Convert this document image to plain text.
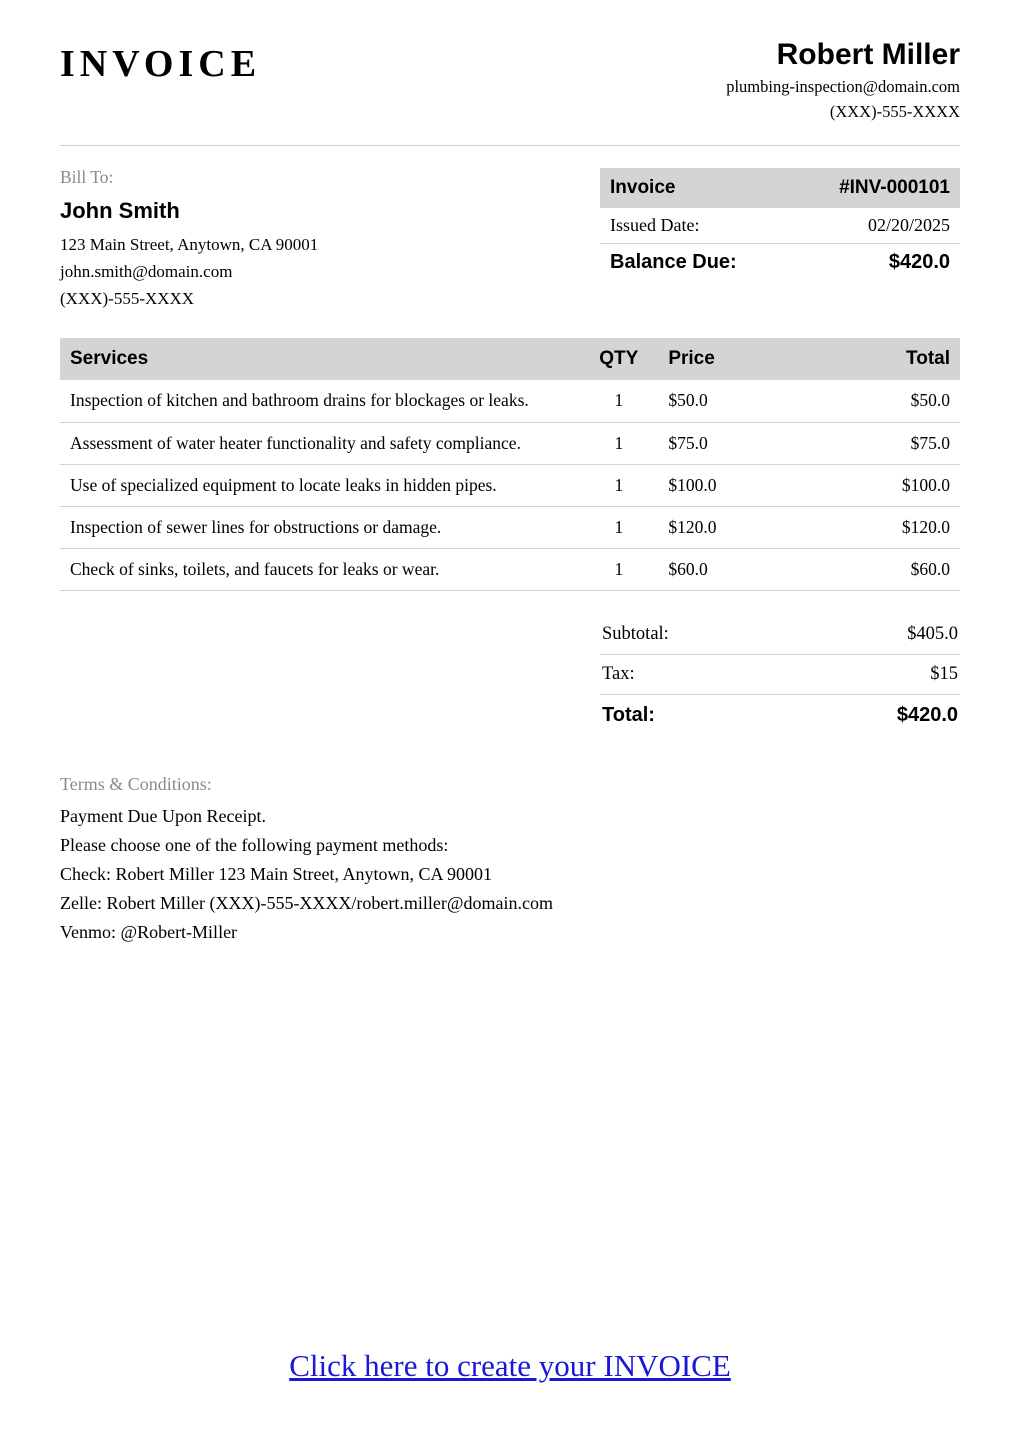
INVOICE	Robert Miller
plumbing-inspection@domain.com
(XXX)-555-XXXX
Bill To:
John Smith
123 Main Street, Anytown, CA 90001
john.smith@domain.com
(XXX)-555-XXXX
Invoice	#INV-000101
Issued Date:	02/20/2025
Balance Due:	$420.0
Services	QTY	Price	Total
Inspection of kitchen and bathroom drains for blockages or leaks.	1	$50.0	$50.0
Assessment of water heater functionality and safety compliance.	1	$75.0	$75.0
Use of specialized equipment to locate leaks in hidden pipes.	1	$100.0	$100.0
Inspection of sewer lines for obstructions or damage.	1	$120.0	$120.0
Check of sinks, toilets, and faucets for leaks or wear.	1	$60.0	$60.0
Subtotal:	$405.0
Tax:	$15
Total:	$420.0
Terms & Conditions:
Payment Due Upon Receipt.
Please choose one of the following payment methods:
Check: Robert Miller 123 Main Street, Anytown, CA 90001
Zelle: Robert Miller (XXX)-555-XXXX/robert.miller@domain.com
Venmo: @Robert-Miller
Click here to create your INVOICE
